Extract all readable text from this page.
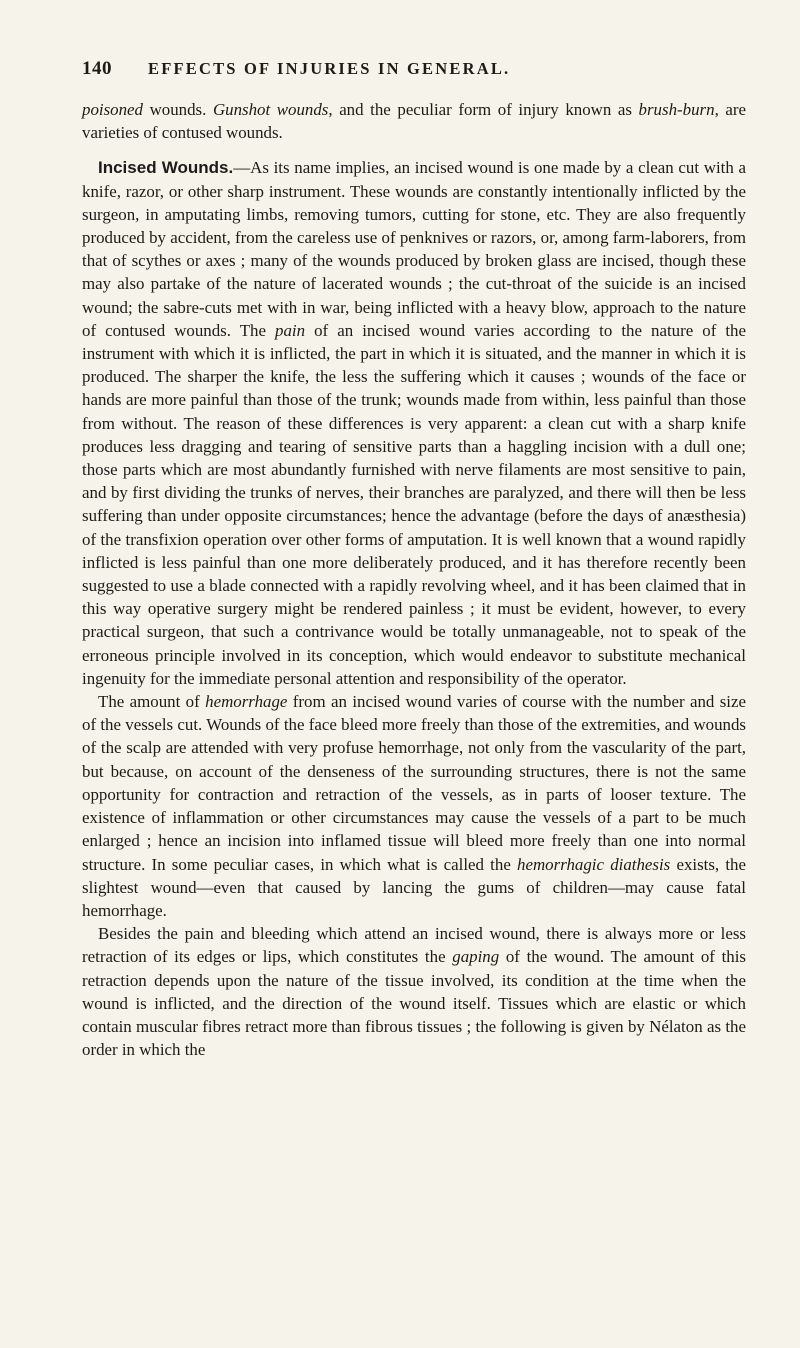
140 EFFECTS OF INJURIES IN GENERAL.

poisoned wounds. Gunshot wounds, and the peculiar form of injury known as brush-burn, are varieties of contused wounds.

Incised Wounds.—As its name implies, an incised wound is one made by a clean cut with a knife, razor, or other sharp instrument. These wounds are constantly intentionally inflicted by the surgeon, in amputating limbs, removing tumors, cutting for stone, etc. They are also frequently produced by accident, from the careless use of penknives or razors, or, among farm-laborers, from that of scythes or axes ; many of the wounds produced by broken glass are incised, though these may also partake of the nature of lacerated wounds ; the cut-throat of the suicide is an incised wound; the sabre-cuts met with in war, being inflicted with a heavy blow, approach to the nature of contused wounds. The pain of an incised wound varies according to the nature of the instrument with which it is inflicted, the part in which it is situated, and the manner in which it is produced. The sharper the knife, the less the suffering which it causes ; wounds of the face or hands are more painful than those of the trunk; wounds made from within, less painful than those from without. The reason of these differences is very apparent: a clean cut with a sharp knife produces less dragging and tearing of sensitive parts than a haggling incision with a dull one; those parts which are most abundantly furnished with nerve filaments are most sensitive to pain, and by first dividing the trunks of nerves, their branches are paralyzed, and there will then be less suffering than under opposite circumstances; hence the advantage (before the days of anæsthesia) of the transfixion operation over other forms of amputation. It is well known that a wound rapidly inflicted is less painful than one more deliberately produced, and it has therefore recently been suggested to use a blade connected with a rapidly revolving wheel, and it has been claimed that in this way operative surgery might be rendered painless ; it must be evident, however, to every practical surgeon, that such a contrivance would be totally unmanageable, not to speak of the erroneous principle involved in its conception, which would endeavor to substitute mechanical ingenuity for the immediate personal attention and responsibility of the operator.

The amount of hemorrhage from an incised wound varies of course with the number and size of the vessels cut. Wounds of the face bleed more freely than those of the extremities, and wounds of the scalp are attended with very profuse hemorrhage, not only from the vascularity of the part, but because, on account of the denseness of the surrounding structures, there is not the same opportunity for contraction and retraction of the vessels, as in parts of looser texture. The existence of inflammation or other circumstances may cause the vessels of a part to be much enlarged ; hence an incision into inflamed tissue will bleed more freely than one into normal structure. In some peculiar cases, in which what is called the hemorrhagic diathesis exists, the slightest wound—even that caused by lancing the gums of children—may cause fatal hemorrhage.

Besides the pain and bleeding which attend an incised wound, there is always more or less retraction of its edges or lips, which constitutes the gaping of the wound. The amount of this retraction depends upon the nature of the tissue involved, its condition at the time when the wound is inflicted, and the direction of the wound itself. Tissues which are elastic or which contain muscular fibres retract more than fibrous tissues ; the following is given by Nélaton as the order in which the
